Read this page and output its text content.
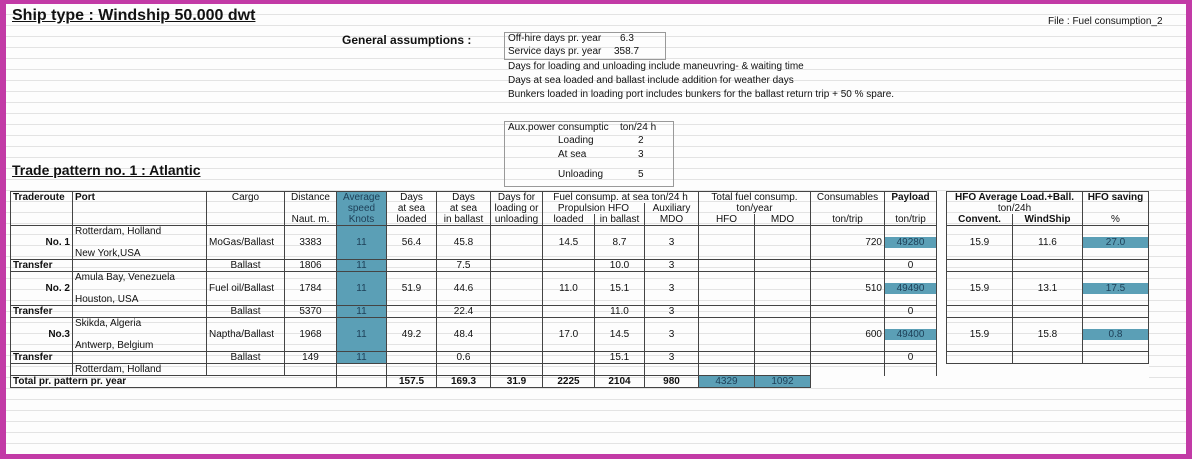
Ship type : Windship 50.000 dwt	File : Fuel consumption_2
General assumptions :	Off-hire days pr. year 6.3
Service days pr. year 358.7
Days for loading and unloading include maneuvring- & waiting time
Days at sea loaded and ballast include addition for weather days
Bunkers loaded in loading port includes bunkers for the ballast return trip + 50 % spare.
Aux.power consumptic ton/24 h
Loading	2
At sea	3
Unloading	5
Trade pattern no. 1 : Atlantic
Traderoute	Port	Cargo	Distance	Average	Days	Days	Days for	Fuel consump. at sea ton/24 h			Total fuel consump.		Consumables	Payload		HFO Average Load.+Ball.		HFO saving
				speed	at sea	at sea	loading or	Propulsion HFO		Auxiliary	ton/year					ton/24h		
			Naut. m.	Knots	loaded	in ballast	unloading	loaded	in ballast	MDO	HFO	MDO	ton/trip	ton/trip		Convent.	WindShip	%
	Rotterdam, Holland																	
No. 1		MoGas/Ballast	3383	11	56.4	45.8		14.5	8.7	3			720	49280		15.9	11.6	27.0
	New York,USA																	
Transfer		Ballast	1806	11		7.5			10.0	3				0				
	Amula Bay, Venezuela																	
No. 2		Fuel oil/Ballast	1784	11	51.9	44.6		11.0	15.1	3			510	49490		15.9	13.1	17.5
	Houston, USA																	
Transfer		Ballast	5370	11		22.4			11.0	3				0				
	Skikda, Algeria																	
No.3		Naptha/Ballast	1968	11	49.2	48.4		17.0	14.5	3			600	49400		15.9	15.8	0.8
	Antwerp, Belgium																	
Transfer		Ballast	149	11		0.6			15.1	3				0				
	Rotterdam, Holland																	
Total pr. pattern pr. year					157.5	169.3	31.9	2225	2104	980	4329	1092						
